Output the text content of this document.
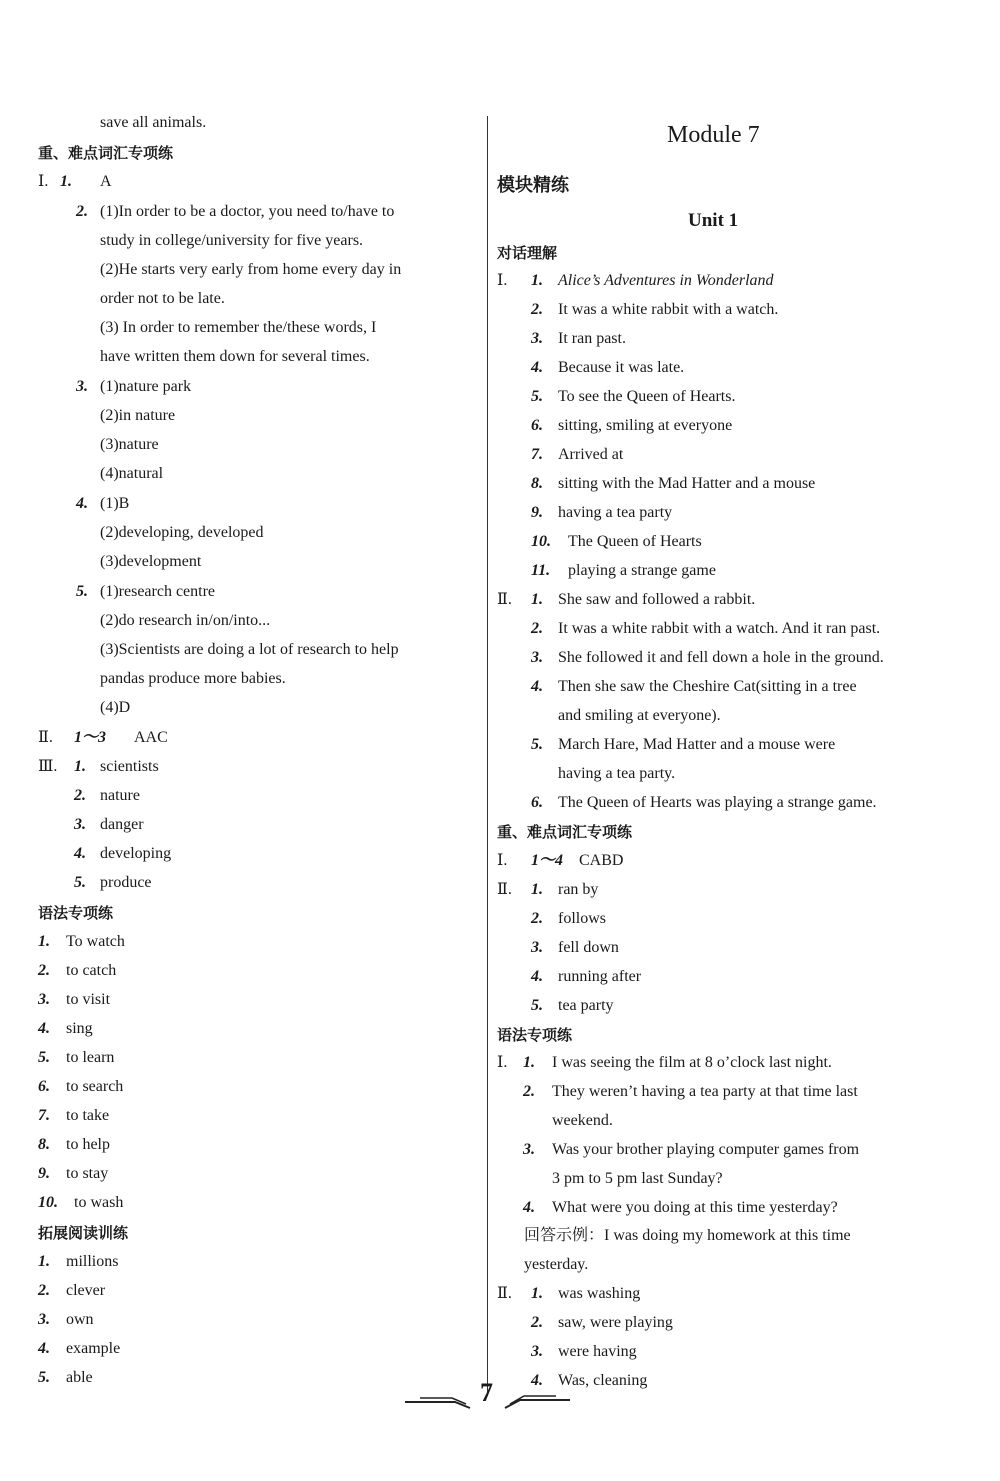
save all animals.
重、难点词汇专项练
Ⅰ. 1. A
2. (1)In order to be a doctor, you need to/have to
study in college/university for five years.
(2)He starts very early from home every day in
order not to be late.
(3) In order to remember the/these words, I
have written them down for several times.
3. (1)nature park
(2)in nature
(3)nature
(4)natural
4. (1)B
(2)developing, developed
(3)development
5. (1)research centre
(2)do research in/on/into...
(3)Scientists are doing a lot of research to help
pandas produce more babies.
(4)D
Ⅱ. 1～3 AAC
Ⅲ. 1. scientists
2. nature
3. danger
4. developing
5. produce
语法专项练
1. To watch
2. to catch
3. to visit
4. sing
5. to learn
6. to search
7. to take
8. to help
9. to stay
10. to wash
拓展阅读训练
1. millions
2. clever
3. own
4. example
5. able
Module 7
模块精练
Unit 1
对话理解
Ⅰ. 1. Alice’s Adventures in Wonderland
2. It was a white rabbit with a watch.
3. It ran past.
4. Because it was late.
5. To see the Queen of Hearts.
6. sitting, smiling at everyone
7. Arrived at
8. sitting with the Mad Hatter and a mouse
9. having a tea party
10. The Queen of Hearts
11. playing a strange game
Ⅱ. 1. She saw and followed a rabbit.
2. It was a white rabbit with a watch. And it ran past.
3. She followed it and fell down a hole in the ground.
4. Then she saw the Cheshire Cat(sitting in a tree
and smiling at everyone).
5. March Hare, Mad Hatter and a mouse were
having a tea party.
6. The Queen of Hearts was playing a strange game.
重、难点词汇专项练
Ⅰ. 1～4 CABD
Ⅱ. 1. ran by
2. follows
3. fell down
4. running after
5. tea party
语法专项练
Ⅰ. 1. I was seeing the film at 8 o’clock last night.
2. They weren’t having a tea party at that time last
weekend.
3. Was your brother playing computer games from
3 pm to 5 pm last Sunday?
4. What were you doing at this time yesterday?
回答示例：I was doing my homework at this time
yesterday.
Ⅱ. 1. was washing
2. saw, were playing
3. were having
4. Was, cleaning
7
